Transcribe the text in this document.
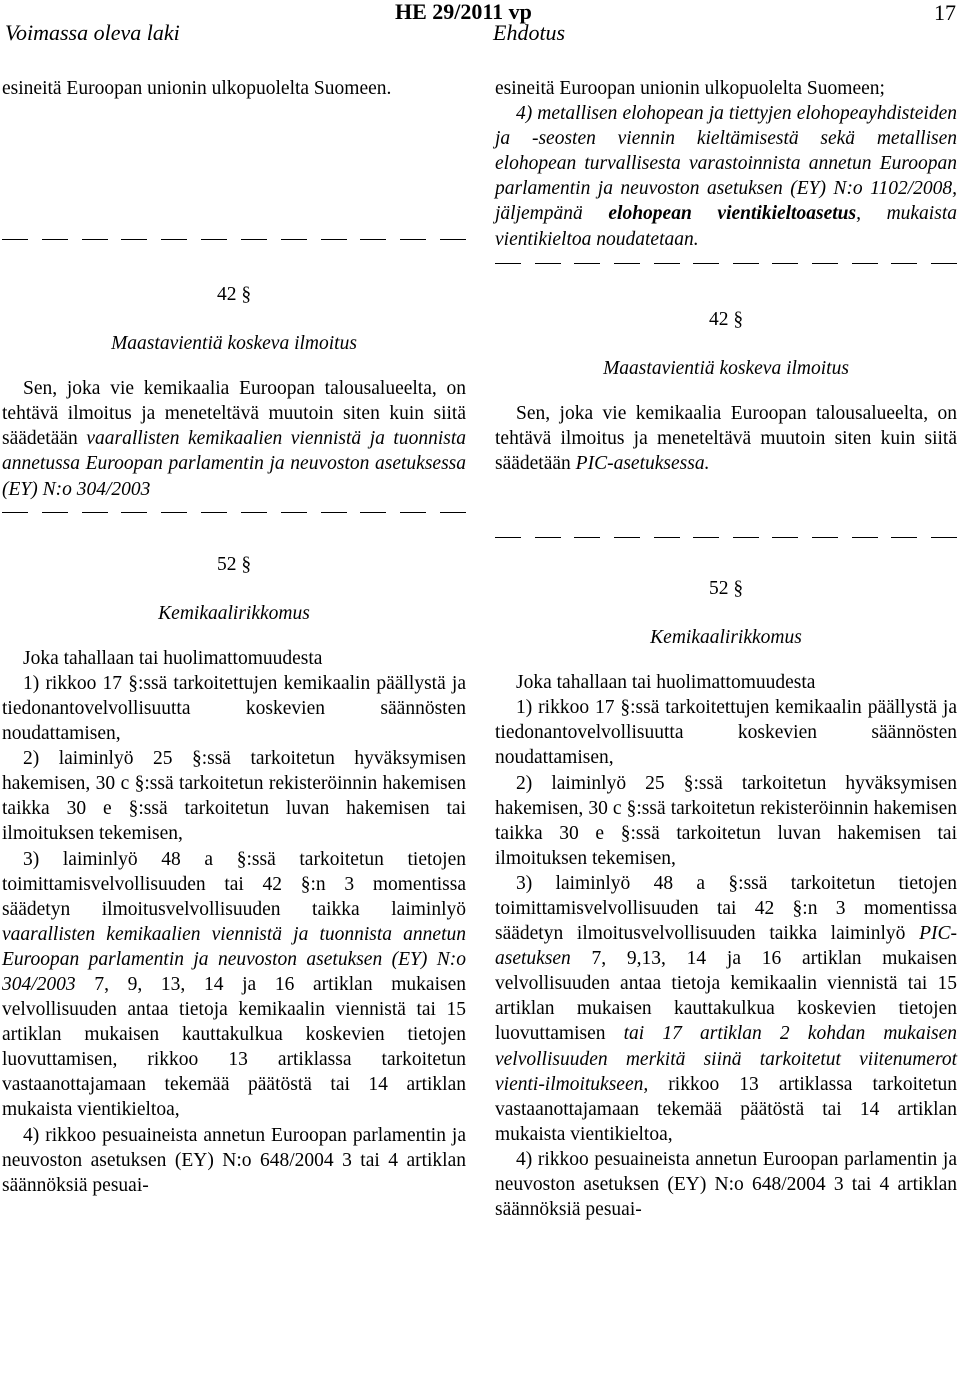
Voimassa oleva laki
HE 29/2011 vp
Ehdotus
17

esineitä Euroopan unionin ulkopuolelta Suomeen.

42 §
Maastavientiä koskeva ilmoitus

Sen, joka vie kemikaalia Euroopan talousalueelta, on tehtävä ilmoitus ja meneteltävä muutoin siten kuin siitä säädetään vaarallisten kemikaalien viennistä ja tuonnista annetussa Euroopan parlamentin ja neuvoston asetuksessa (EY) N:o 304/2003

52 §
Kemikaalirikkomus

Joka tahallaan tai huolimattomuudesta

1) rikkoo 17 §:ssä tarkoitettujen kemikaalin päällystä ja tiedonantovelvollisuutta koskevien säännösten noudattamisen,

2) laiminlyö 25 §:ssä tarkoitetun hyväksymisen hakemisen, 30 c §:ssä tarkoitetun rekisteröinnin hakemisen taikka 30 e §:ssä tarkoitetun luvan hakemisen tai ilmoituksen tekemisen,

3) laiminlyö 48 a §:ssä tarkoitetun tietojen toimittamisvelvollisuuden tai 42 §:n 3 momentissa säädetyn ilmoitusvelvollisuuden taikka laiminlyö vaarallisten kemikaalien viennistä ja tuonnista annetun Euroopan parlamentin ja neuvoston asetuksen (EY) N:o 304/2003 7, 9, 13, 14 ja 16 artiklan mukaisen velvollisuuden antaa tietoja kemikaalin viennistä tai 15 artiklan mukaisen kauttakulkua koskevien tietojen luovuttamisen, rikkoo 13 artiklassa tarkoitetun vastaanottajamaan tekemää päätöstä tai 14 artiklan mukaista vientikieltoa,

4) rikkoo pesuaineista annetun Euroopan parlamentin ja neuvoston asetuksen (EY) N:o 648/2004 3 tai 4 artiklan säännöksiä pesuai-

esineitä Euroopan unionin ulkopuolelta Suomeen;

4) metallisen elohopean ja tiettyjen elohopeayhdisteiden ja -seosten viennin kieltämisestä sekä metallisen elohopean turvallisesta varastoinnista annetun Euroopan parlamentin ja neuvoston asetuksen (EY) N:o 1102/2008, jäljempänä elohopean vientikieltoasetus, mukaista vientikieltoa noudatetaan.

42 §
Maastavientiä koskeva ilmoitus

Sen, joka vie kemikaalia Euroopan talousalueelta, on tehtävä ilmoitus ja meneteltävä muutoin siten kuin siitä säädetään PIC-asetuksessa.

52 §
Kemikaalirikkomus

Joka tahallaan tai huolimattomuudesta

1) rikkoo 17 §:ssä tarkoitettujen kemikaalin päällystä ja tiedonantovelvollisuutta koskevien säännösten noudattamisen,

2) laiminlyö 25 §:ssä tarkoitetun hyväksymisen hakemisen, 30 c §:ssä tarkoitetun rekisteröinnin hakemisen taikka 30 e §:ssä tarkoitetun luvan hakemisen tai ilmoituksen tekemisen,

3) laiminlyö 48 a §:ssä tarkoitetun tietojen toimittamisvelvollisuuden tai 42 §:n 3 momentissa säädetyn ilmoitusvelvollisuuden taikka laiminlyö PIC-asetuksen 7, 9,13, 14 ja 16 artiklan mukaisen velvollisuuden antaa tietoja kemikaalin viennistä tai 15 artiklan mukaisen kauttakulkua koskevien tietojen luovuttamisen tai 17 artiklan 2 kohdan mukaisen velvollisuuden merkitä siinä tarkoitetut viitenumerot vienti-ilmoitukseen, rikkoo 13 artiklassa tarkoitetun vastaanottajamaan tekemää päätöstä tai 14 artiklan mukaista vientikieltoa,

4) rikkoo pesuaineista annetun Euroopan parlamentin ja neuvoston asetuksen (EY) N:o 648/2004 3 tai 4 artiklan säännöksiä pesuai-
